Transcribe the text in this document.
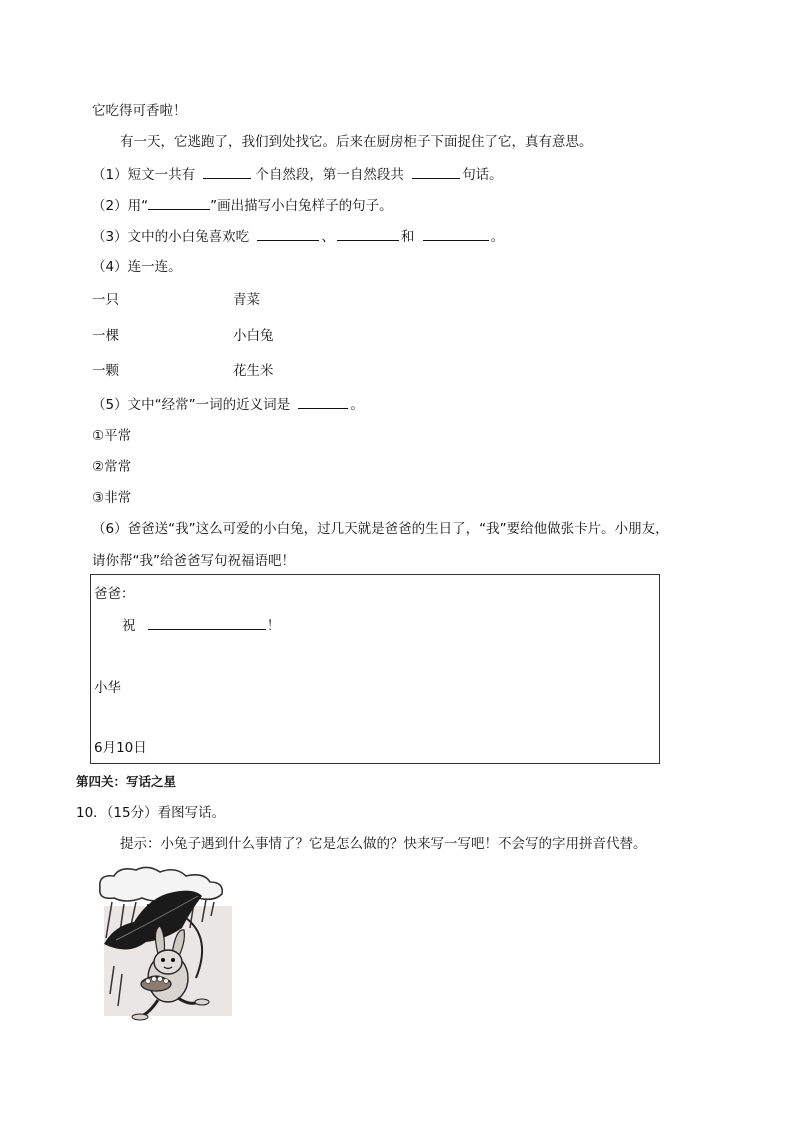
它吃得可香啦！
有一天，它逃跑了，我们到处找它。后来在厨房柜子下面捉住了它，真有意思。
（1）短文一共有	个自然段，第一自然段共	句话。
（2）用“	”画出描写小白兔样子的句子。
（3）文中的小白兔喜欢吃	、	和	。
（4）连一连。
一只	青菜
一棵	小白兔
一颗	花生米
（5）文中“经常”一词的近义词是	。
①平常
②常常
③非常
（6）爸爸送“我”这么可爱的小白兔，过几天就是爸爸的生日了，“我”要给他做张卡片。小朋友，
请你帮“我”给爸爸写句祝福语吧！
爸爸：
祝	！
小华
6月10日
第四关：写话之星
10．（15分）看图写话。
提示：小兔子遇到什么事情了？它是怎么做的？快来写一写吧！不会写的字用拼音代替。
